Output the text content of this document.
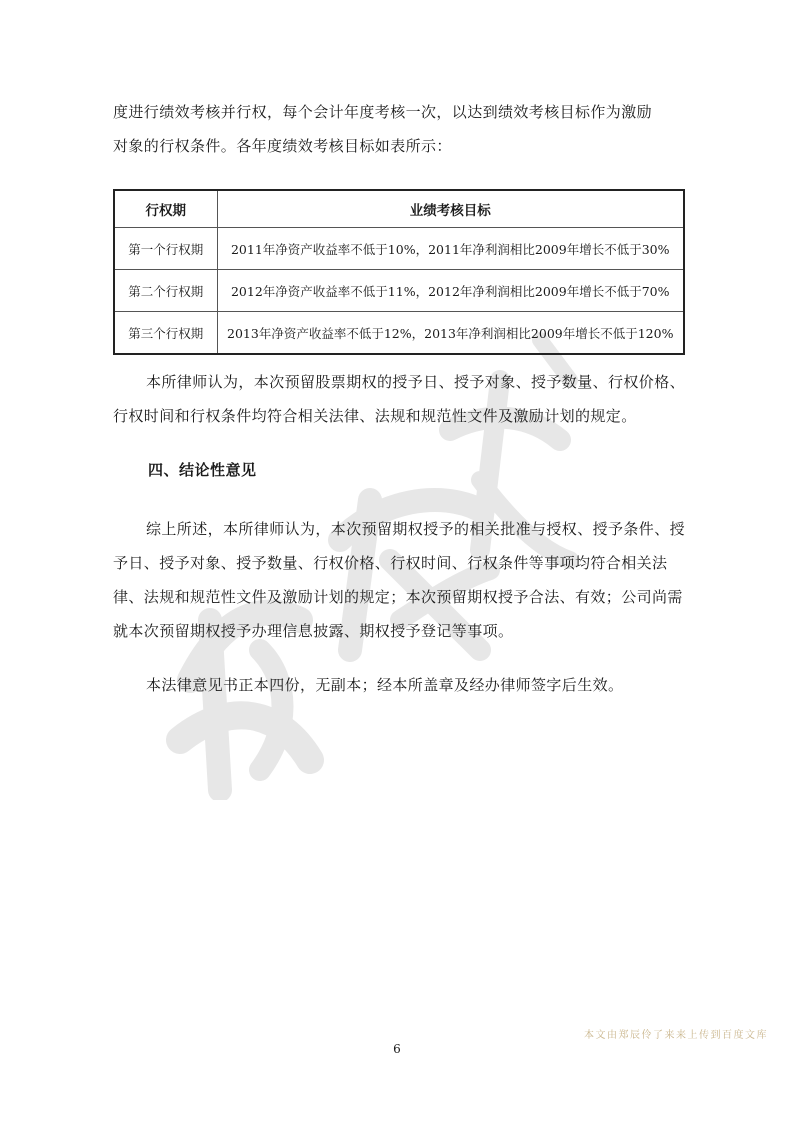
度进行绩效考核并行权，每个会计年度考核一次，以达到绩效考核目标作为激励

对象的行权条件。各年度绩效考核目标如表所示：

行权期	业绩考核目标
第一个行权期	2011年净资产收益率不低于10%，2011年净利润相比2009年增长不低于30%
第二个行权期	2012年净资产收益率不低于11%，2012年净利润相比2009年增长不低于70%
第三个行权期	2013年净资产收益率不低于12%，2013年净利润相比2009年增长不低于120%

本所律师认为，本次预留股票期权的授予日、授予对象、授予数量、行权价格、行权时间和行权条件均符合相关法律、法规和规范性文件及激励计划的规定。

四、结论性意见

综上所述，本所律师认为，本次预留期权授予的相关批准与授权、授予条件、授予日、授予对象、授予数量、行权价格、行权时间、行权条件等事项均符合相关法律、法规和规范性文件及激励计划的规定；本次预留期权授予合法、有效；公司尚需就本次预留期权授予办理信息披露、期权授予登记等事项。

本法律意见书正本四份，无副本；经本所盖章及经办律师签字后生效。

本文由郑辰伶了来来上传到百度文库
6
